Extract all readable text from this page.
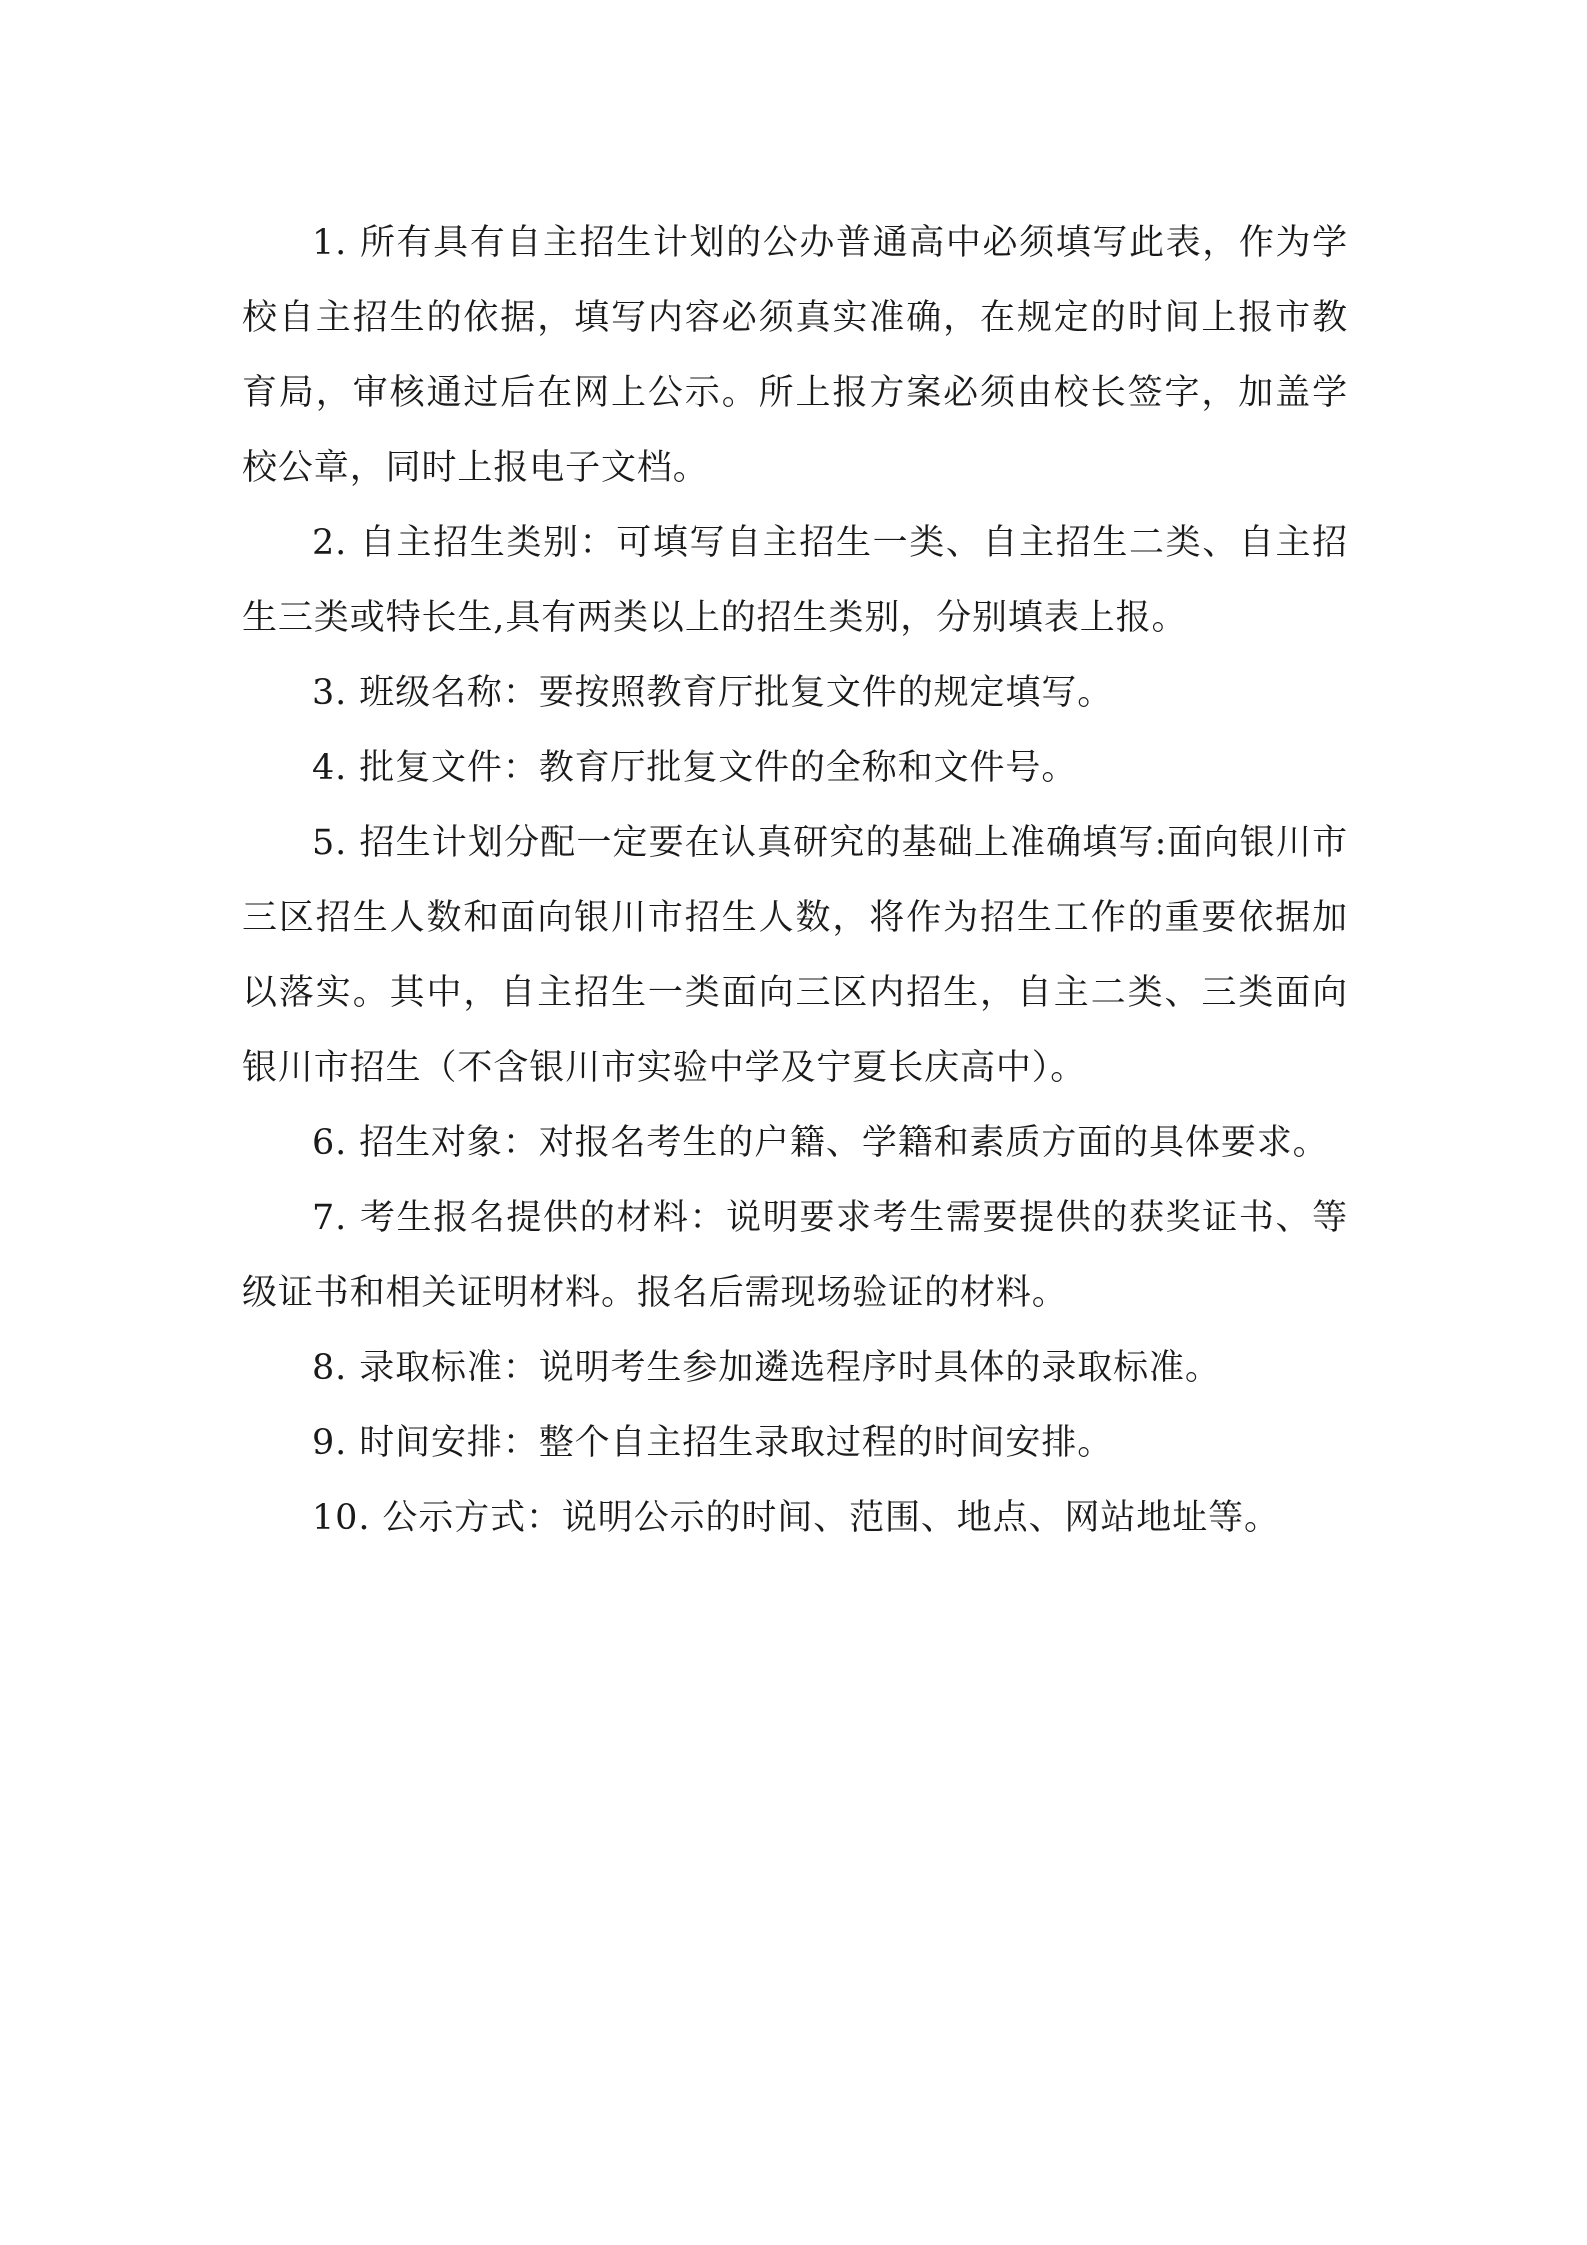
1. 所有具有自主招生计划的公办普通高中必须填写此表，作为学校自主招生的依据，填写内容必须真实准确，在规定的时间上报市教育局，审核通过后在网上公示。所上报方案必须由校长签字，加盖学校公章，同时上报电子文档。

2. 自主招生类别：可填写自主招生一类、自主招生二类、自主招生三类或特长生,具有两类以上的招生类别，分别填表上报。

3. 班级名称：要按照教育厅批复文件的规定填写。

4. 批复文件：教育厅批复文件的全称和文件号。

5. 招生计划分配一定要在认真研究的基础上准确填写:面向银川市三区招生人数和面向银川市招生人数，将作为招生工作的重要依据加以落实。其中，自主招生一类面向三区内招生，自主二类、三类面向银川市招生（不含银川市实验中学及宁夏长庆高中）。

6. 招生对象：对报名考生的户籍、学籍和素质方面的具体要求。

7. 考生报名提供的材料：说明要求考生需要提供的获奖证书、等级证书和相关证明材料。报名后需现场验证的材料。

8. 录取标准：说明考生参加遴选程序时具体的录取标准。

9. 时间安排：整个自主招生录取过程的时间安排。

10. 公示方式：说明公示的时间、范围、地点、网站地址等。
